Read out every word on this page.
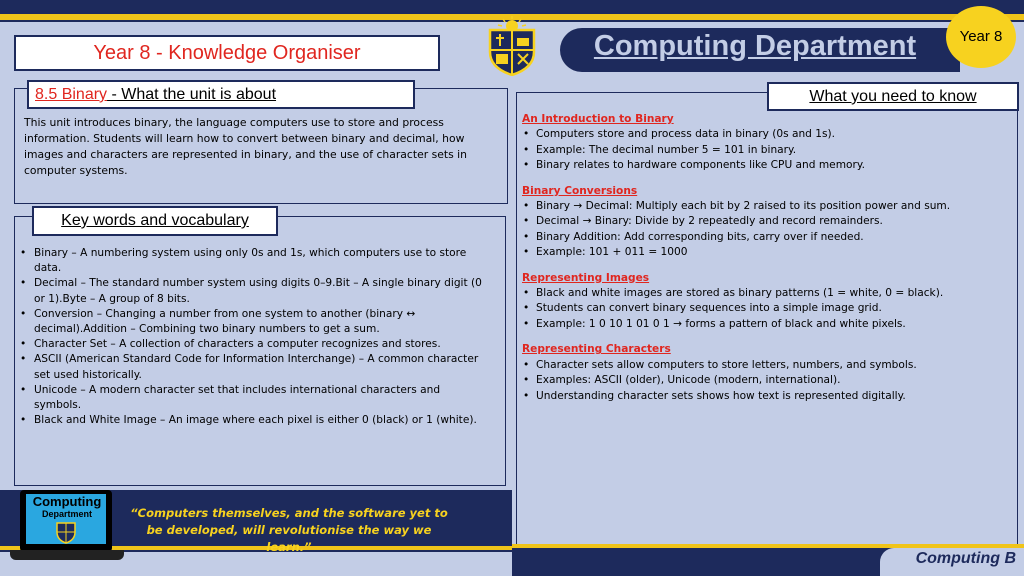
Computing Department	Year 8
Year 8 - Knowledge Organiser
8.5 Binary - What the unit is about
This unit introduces binary, the language computers use to store and process information. Students will learn how to convert between binary and decimal, how images and characters are represented in binary, and the use of character sets in computer systems.
Key words and vocabulary
• Binary – A numbering system using only 0s and 1s, which computers use to store data.
• Decimal – The standard number system using digits 0–9.Bit – A single binary digit (0 or 1).Byte – A group of 8 bits.
• Conversion – Changing a number from one system to another (binary ↔ decimal).Addition – Combining two binary numbers to get a sum.
• Character Set – A collection of characters a computer recognizes and stores.
• ASCII (American Standard Code for Information Interchange) – A common character set used historically.
• Unicode – A modern character set that includes international characters and symbols.
• Black and White Image – An image where each pixel is either 0 (black) or 1 (white).
What you need to know
An Introduction to Binary
• Computers store and process data in binary (0s and 1s).
• Example: The decimal number 5 = 101 in binary.
• Binary relates to hardware components like CPU and memory.
Binary Conversions
• Binary → Decimal: Multiply each bit by 2 raised to its position power and sum.
• Decimal → Binary: Divide by 2 repeatedly and record remainders.
• Binary Addition: Add corresponding bits, carry over if needed.
• Example: 101 + 011 = 1000
Representing Images
• Black and white images are stored as binary patterns (1 = white, 0 = black).
• Students can convert binary sequences into a simple image grid.
• Example: 1 0 10 1 01 0 1 → forms a pattern of black and white pixels.
Representing Characters
• Character sets allow computers to store letters, numbers, and symbols.
• Examples: ASCII (older), Unicode (modern, international).
• Understanding character sets shows how text is represented digitally.
Computing
Department	“Computers themselves, and the software yet to be developed, will revolutionise the way we learn.”
Computing B
